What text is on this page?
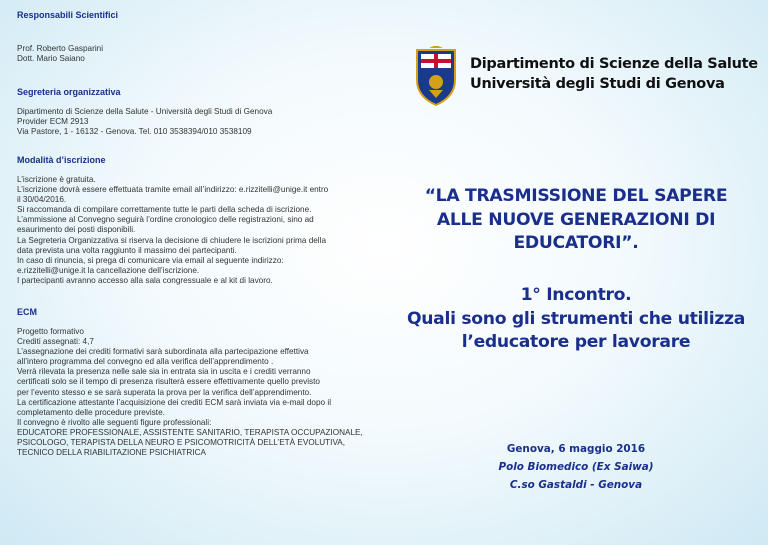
Responsabili Scientifici
Prof. Roberto Gasparini
Dott. Mario Saiano
Segreteria organizzativa
Dipartimento di Scienze della Salute - Università degli Studi di Genova
Provider ECM 2913
Via Pastore, 1 - 16132 - Genova. Tel. 010 3538394/010 3538109
Modalità d’iscrizione
L’iscrizione è gratuita.
L’iscrizione dovrà essere effettuata tramite email all’indirizzo: e.rizzitelli@unige.it entro
il 30/04/2016.
Si raccomanda di compilare correttamente tutte le parti della scheda di iscrizione.
L’ammissione al Convegno seguirà l’ordine cronologico delle registrazioni, sino ad
esaurimento dei posti disponibili.
La Segreteria Organizzativa si riserva la decisione di chiudere le iscrizioni prima della
data prevista una volta raggiunto il massimo dei partecipanti.
In caso di rinuncia, si prega di comunicare via email al seguente indirizzo:
e.rizzitelli@unige.it la cancellazione dell’iscrizione.
I partecipanti avranno accesso alla sala congressuale e al kit di lavoro.
ECM
Progetto formativo
Crediti assegnati: 4,7
L’assegnazione dei crediti formativi sarà subordinata alla partecipazione effettiva
all’intero programma del convegno ed alla verifica dell’apprendimento .
Verrà rilevata la presenza nelle sale sia in entrata sia in uscita e i crediti verranno
certificati solo se il tempo di presenza risulterà essere effettivamente quello previsto
per l’evento stesso e se sarà superata la prova per la verifica dell’apprendimento.
La certificazione attestante l’acquisizione dei crediti ECM sarà inviata via e-mail dopo il
completamento delle procedure previste.
Il convegno è rivolto alle seguenti figure professionali:
EDUCATORE PROFESSIONALE, ASSISTENTE SANITARIO, TERAPISTA OCCUPAZIONALE,
PSICOLOGO, TERAPISTA DELLA NEURO E PSICOMOTRICITÀ DELL’ETÀ EVOLUTIVA,
TECNICO DELLA RIABILITAZIONE PSICHIATRICA
Dipartimento di Scienze della Salute
Università degli Studi di Genova
“LA TRASMISSIONE DEL SAPERE
ALLE NUOVE GENERAZIONI DI
EDUCATORI”.
1° Incontro.
Quali sono gli strumenti che utilizza
l’educatore per lavorare
Genova, 6 maggio 2016
Polo Biomedico (Ex Saiwa)
C.so Gastaldi - Genova
